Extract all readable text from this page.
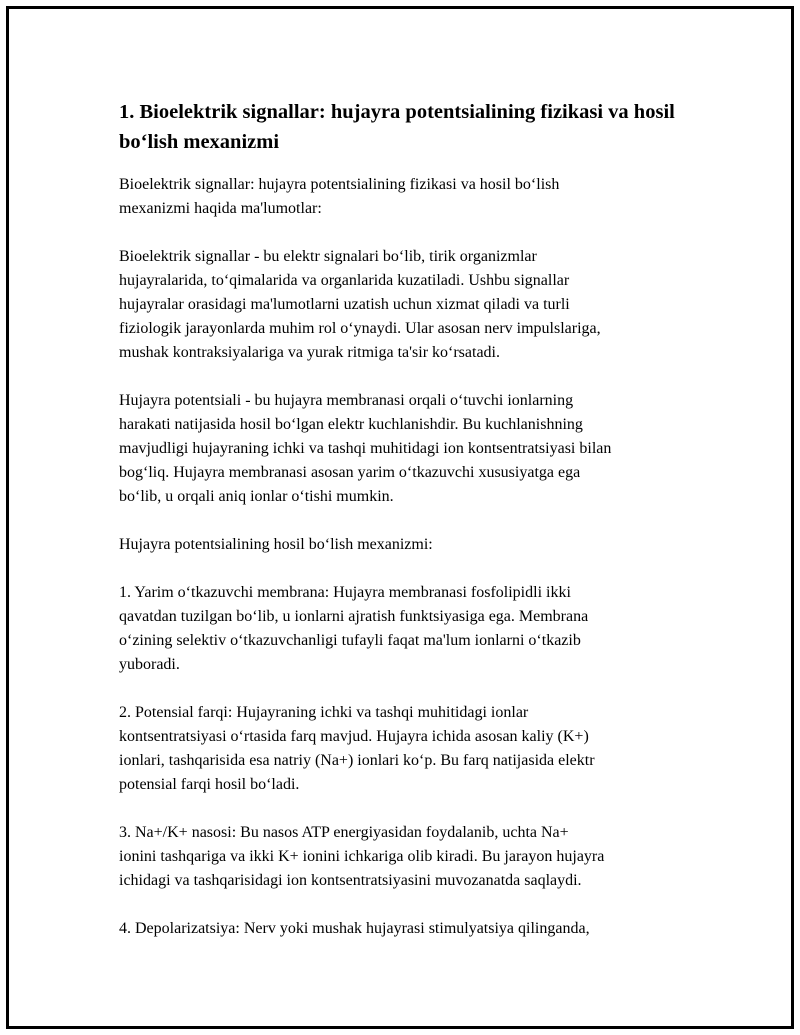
1. Bioelektrik signallar: hujayra potentsialining fizikasi va hosil bo‘lish mexanizmi

Bioelektrik signallar: hujayra potentsialining fizikasi va hosil bo‘lish
mexanizmi haqida ma'lumotlar:

Bioelektrik signallar - bu elektr signalari bo‘lib, tirik organizmlar
hujayralarida, to‘qimalarida va organlarida kuzatiladi. Ushbu signallar
hujayralar orasidagi ma'lumotlarni uzatish uchun xizmat qiladi va turli
fiziologik jarayonlarda muhim rol o‘ynaydi. Ular asosan nerv impulslariga,
mushak kontraksiyalariga va yurak ritmiga ta'sir ko‘rsatadi.

Hujayra potentsiali - bu hujayra membranasi orqali o‘tuvchi ionlarning
harakati natijasida hosil bo‘lgan elektr kuchlanishdir. Bu kuchlanishning
mavjudligi hujayraning ichki va tashqi muhitidagi ion kontsentratsiyasi bilan
bog‘liq. Hujayra membranasi asosan yarim o‘tkazuvchi xususiyatga ega
bo‘lib, u orqali aniq ionlar o‘tishi mumkin.

Hujayra potentsialining hosil bo‘lish mexanizmi:

1. Yarim o‘tkazuvchi membrana: Hujayra membranasi fosfolipidli ikki
qavatdan tuzilgan bo‘lib, u ionlarni ajratish funktsiyasiga ega. Membrana
o‘zining selektiv o‘tkazuvchanligi tufayli faqat ma'lum ionlarni o‘tkazib
yuboradi.

2. Potensial farqi: Hujayraning ichki va tashqi muhitidagi ionlar
kontsentratsiyasi o‘rtasida farq mavjud. Hujayra ichida asosan kaliy (K+)
ionlari, tashqarisida esa natriy (Na+) ionlari ko‘p. Bu farq natijasida elektr
potensial farqi hosil bo‘ladi.

3. Na+/K+ nasosi: Bu nasos ATP energiyasidan foydalanib, uchta Na+
ionini tashqariga va ikki K+ ionini ichkariga olib kiradi. Bu jarayon hujayra
ichidagi va tashqarisidagi ion kontsentratsiyasini muvozanatda saqlaydi.

4. Depolarizatsiya: Nerv yoki mushak hujayrasi stimulyatsiya qilinganda,
